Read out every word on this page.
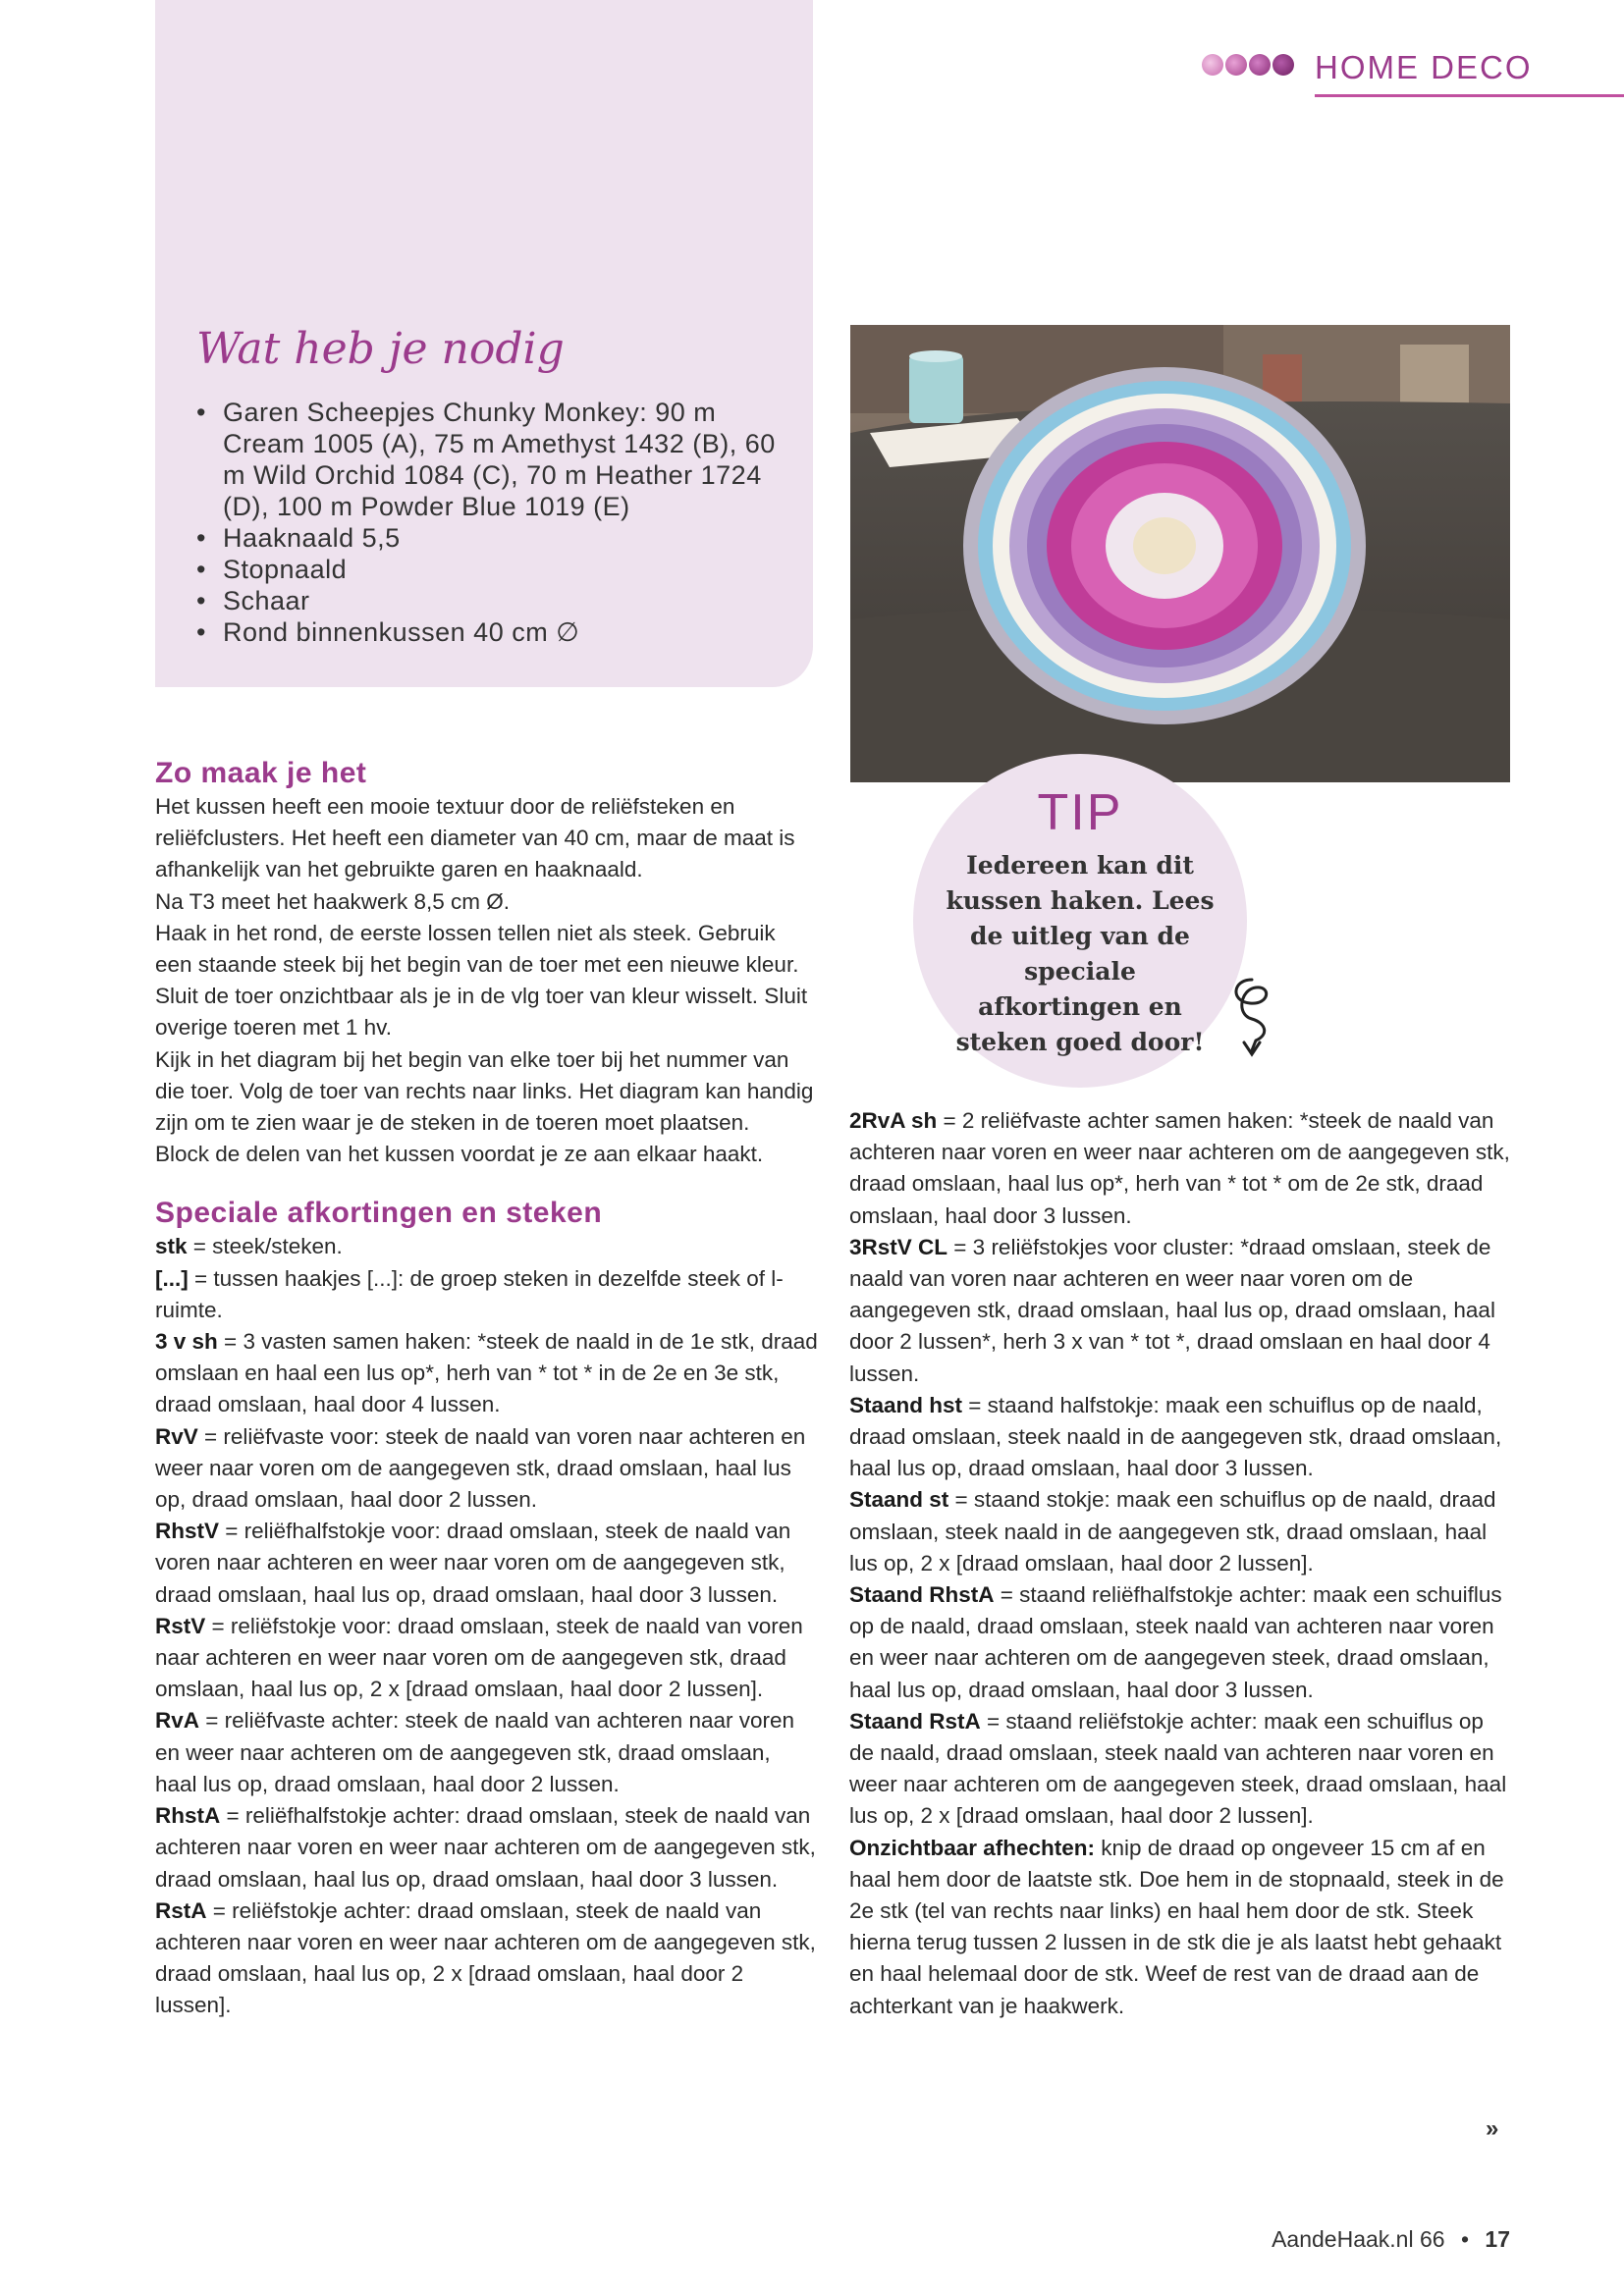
HOME DECO
Wat heb je nodig
• Garen Scheepjes Chunky Monkey: 90 m Cream 1005 (A), 75 m Amethyst 1432 (B), 60 m Wild Orchid 1084 (C), 70 m Heather 1724 (D), 100 m Powder Blue 1019 (E)
• Haaknaald 5,5
• Stopnaald
• Schaar
• Rond binnenkussen 40 cm ∅
TIP
Iedereen kan dit kussen haken. Lees de uitleg van de speciale afkortingen en steken goed door!
Zo maak je het

Het kussen heeft een mooie textuur door de reliëfsteken en reliëfclusters. Het heeft een diameter van 40 cm, maar de maat is afhankelijk van het gebruikte garen en haaknaald.

Na T3 meet het haakwerk 8,5 cm Ø.

Haak in het rond, de eerste lossen tellen niet als steek. Gebruik een staande steek bij het begin van de toer met een nieuwe kleur. Sluit de toer onzichtbaar als je in de vlg toer van kleur wisselt. Sluit overige toeren met 1 hv.

Kijk in het diagram bij het begin van elke toer bij het nummer van die toer. Volg de toer van rechts naar links. Het diagram kan handig zijn om te zien waar je de steken in de toeren moet plaatsen.

Block de delen van het kussen voordat je ze aan elkaar haakt.

Speciale afkortingen en steken

stk = steek/steken.

[...] = tussen haakjes [...]: de groep steken in dezelfde steek of l-ruimte.

3 v sh = 3 vasten samen haken: *steek de naald in de 1e stk, draad omslaan en haal een lus op*, herh van * tot * in de 2e en 3e stk, draad omslaan, haal door 4 lussen.

RvV = reliëfvaste voor: steek de naald van voren naar achteren en weer naar voren om de aangegeven stk, draad omslaan, haal lus op, draad omslaan, haal door 2 lussen.

RhstV = reliëfhalfstokje voor: draad omslaan, steek de naald van voren naar achteren en weer naar voren om de aangegeven stk, draad omslaan, haal lus op, draad omslaan, haal door 3 lussen.

RstV = reliëfstokje voor: draad omslaan, steek de naald van voren naar achteren en weer naar voren om de aangegeven stk, draad omslaan, haal lus op, 2 x [draad omslaan, haal door 2 lussen].

RvA = reliëfvaste achter: steek de naald van achteren naar voren en weer naar achteren om de aangegeven stk, draad omslaan, haal lus op, draad omslaan, haal door 2 lussen.

RhstA = reliëfhalfstokje achter: draad omslaan, steek de naald van achteren naar voren en weer naar achteren om de aangegeven stk, draad omslaan, haal lus op, draad omslaan, haal door 3 lussen.

RstA = reliëfstokje achter: draad omslaan, steek de naald van achteren naar voren en weer naar achteren om de aangegeven stk, draad omslaan, haal lus op, 2 x [draad omslaan, haal door 2 lussen].

2RvA sh = 2 reliëfvaste achter samen haken: *steek de naald van achteren naar voren en weer naar achteren om de aangegeven stk, draad omslaan, haal lus op*, herh van * tot * om de 2e stk, draad omslaan, haal door 3 lussen.

3RstV CL = 3 reliëfstokjes voor cluster: *draad omslaan, steek de naald van voren naar achteren en weer naar voren om de aangegeven stk, draad omslaan, haal lus op, draad omslaan, haal door 2 lussen*, herh 3 x van * tot *, draad omslaan en haal door 4 lussen.

Staand hst = staand halfstokje: maak een schuiflus op de naald, draad omslaan, steek naald in de aangegeven stk, draad omslaan, haal lus op, draad omslaan, haal door 3 lussen.

Staand st = staand stokje: maak een schuiflus op de naald, draad omslaan, steek naald in de aangegeven stk, draad omslaan, haal lus op, 2 x [draad omslaan, haal door 2 lussen].

Staand RhstA = staand reliëfhalfstokje achter: maak een schuiflus op de naald, draad omslaan, steek naald van achteren naar voren en weer naar achteren om de aangegeven steek, draad omslaan, haal lus op, draad omslaan, haal door 3 lussen.

Staand RstA = staand reliëfstokje achter: maak een schuiflus op de naald, draad omslaan, steek naald van achteren naar voren en weer naar achteren om de aangegeven steek, draad omslaan, haal lus op, 2 x [draad omslaan, haal door 2 lussen].

Onzichtbaar afhechten: knip de draad op ongeveer 15 cm af en haal hem door de laatste stk. Doe hem in de stopnaald, steek in de 2e stk (tel van rechts naar links) en haal hem door de stk. Steek hierna terug tussen 2 lussen in de stk die je als laatst hebt gehaakt en haal helemaal door de stk. Weef de rest van de draad aan de achterkant van je haakwerk.

»
AandeHaak.nl 66 • 17
